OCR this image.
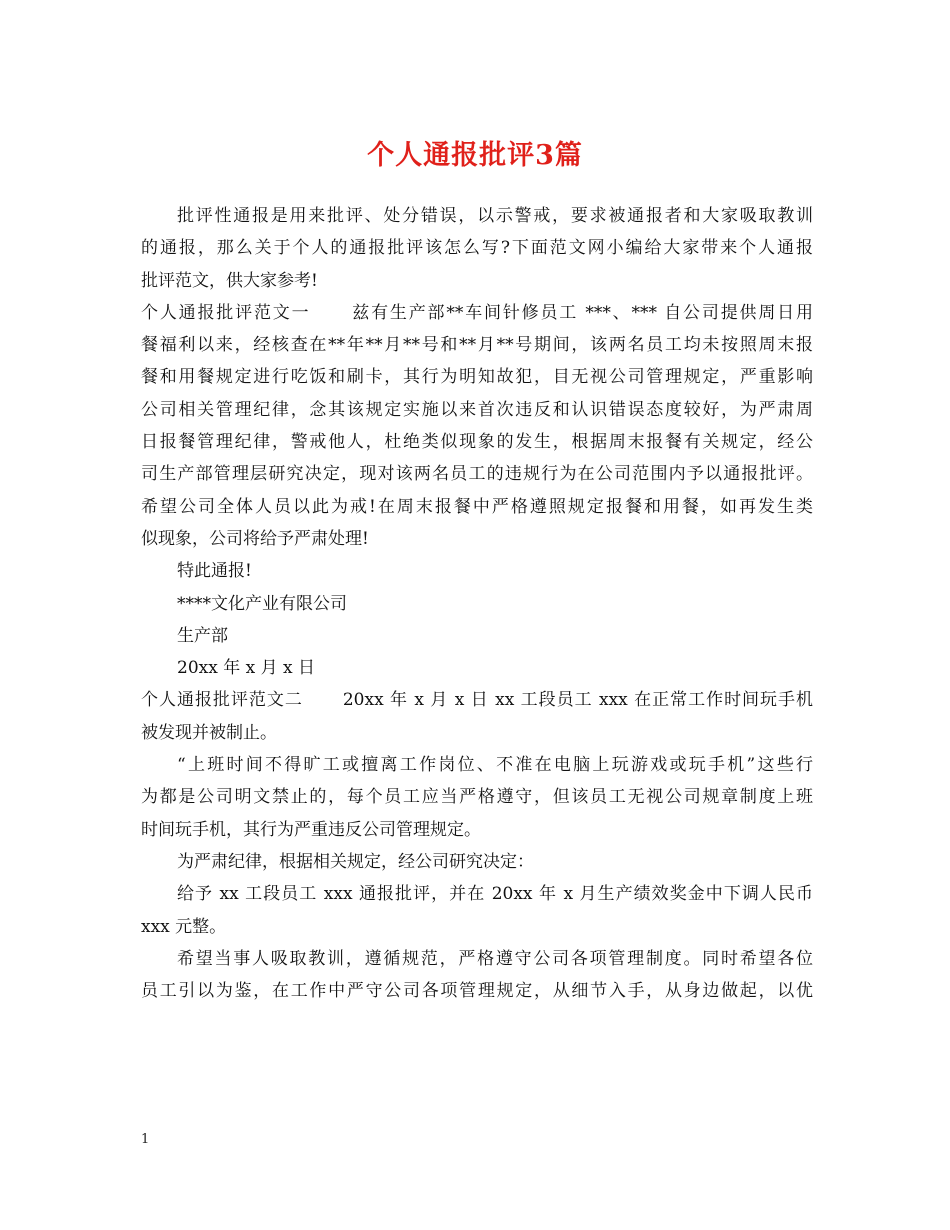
个人通报批评3篇
批评性通报是用来批评、处分错误，以示警戒，要求被通报者和大家吸取教训
的通报，那么关于个人的通报批评该怎么写?下面范文网小编给大家带来个人通报
批评范文，供大家参考!
个人通报批评范文一 兹有生产部**车间针修员工 ***、*** 自公司提供周日用
餐福利以来，经核查在**年**月**号和**月**号期间，该两名员工均未按照周末报
餐和用餐规定进行吃饭和刷卡，其行为明知故犯，目无视公司管理规定，严重影响
公司相关管理纪律，念其该规定实施以来首次违反和认识错误态度较好，为严肃周
日报餐管理纪律，警戒他人，杜绝类似现象的发生，根据周末报餐有关规定，经公
司生产部管理层研究决定，现对该两名员工的违规行为在公司范围内予以通报批评。
希望公司全体人员以此为戒!在周末报餐中严格遵照规定报餐和用餐，如再发生类
似现象，公司将给予严肃处理!
特此通报!
****文化产业有限公司
生产部
20xx 年 x 月 x 日
个人通报批评范文二 20xx 年 x 月 x 日 xx 工段员工 xxx 在正常工作时间玩手机
被发现并被制止。
“上班时间不得旷工或擅离工作岗位、不准在电脑上玩游戏或玩手机”这些行
为都是公司明文禁止的，每个员工应当严格遵守，但该员工无视公司规章制度上班
时间玩手机，其行为严重违反公司管理规定。
为严肃纪律，根据相关规定，经公司研究决定：
给予 xx 工段员工 xxx 通报批评，并在 20xx 年 x 月生产绩效奖金中下调人民币
xxx 元整。
希望当事人吸取教训，遵循规范，严格遵守公司各项管理制度。同时希望各位
员工引以为鉴，在工作中严守公司各项管理规定，从细节入手，从身边做起，以优
1
